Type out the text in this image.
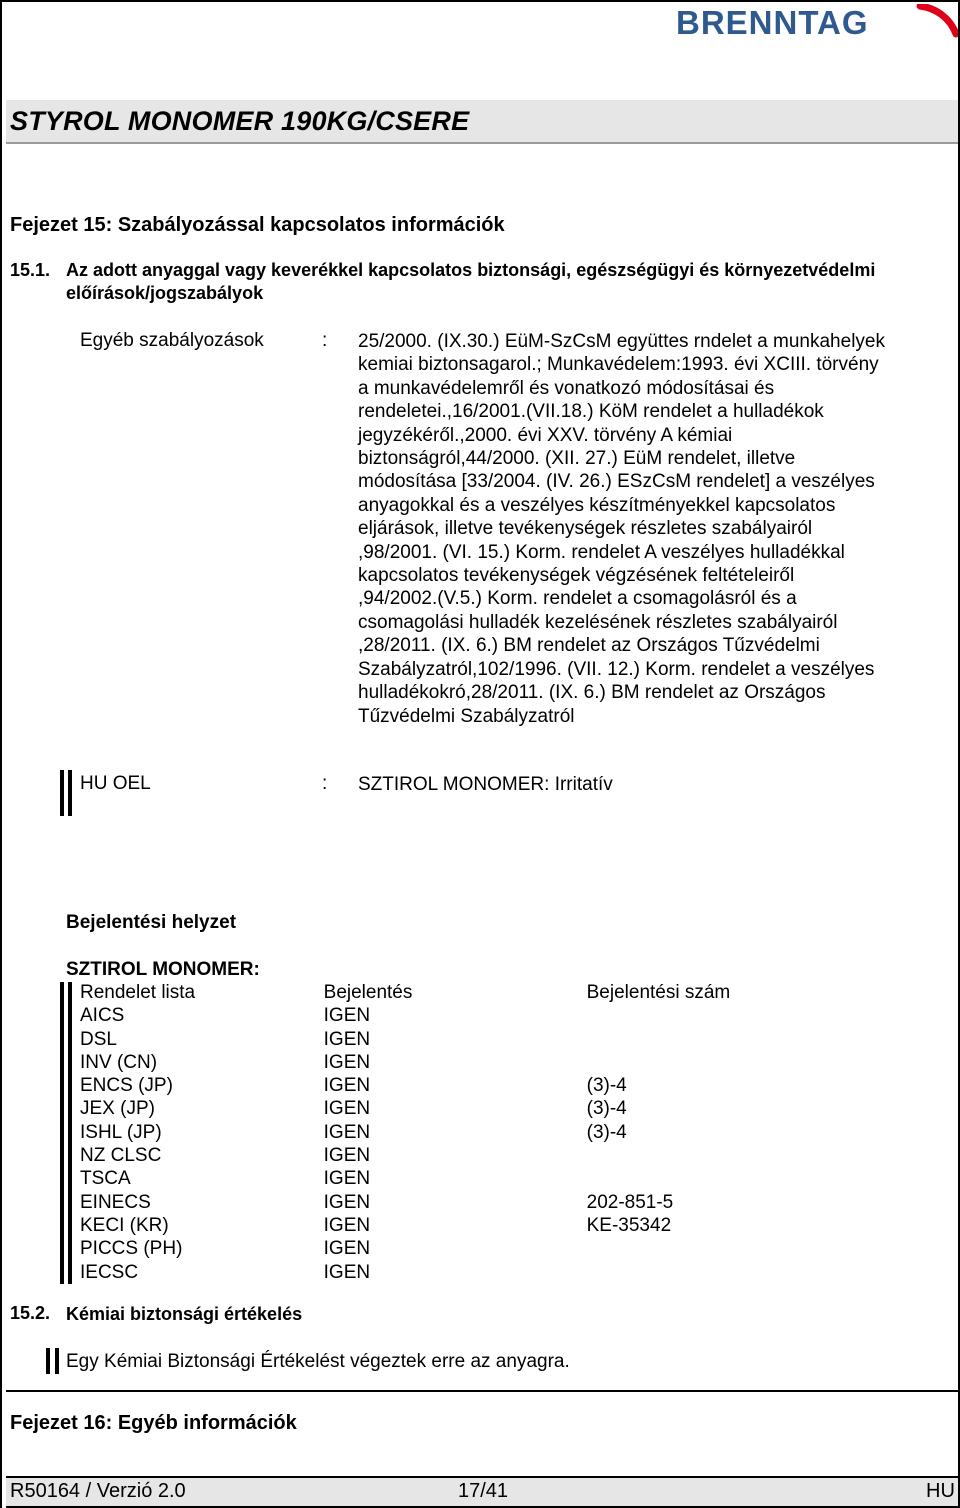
BRENNTAG
STYROL MONOMER 190KG/CSERE
Fejezet 15: Szabályozással kapcsolatos információk
15.1. Az adott anyaggal vagy keverékkel kapcsolatos biztonsági, egészségügyi és környezetvédelmi előírások/jogszabályok
Egyéb szabályozások	: 25/2000. (IX.30.) EüM-SzCsM együttes rndelet a munkahelyek
kemiai biztonsagarol.; Munkavédelem:1993. évi XCIII. törvény
a munkavédelemről és vonatkozó módosításai és
rendeletei.,16/2001.(VII.18.) KöM rendelet a hulladékok
jegyzékéről.,2000. évi XXV. törvény A kémiai
biztonságról,44/2000. (XII. 27.) EüM rendelet, illetve
módosítása [33/2004. (IV. 26.) ESzCsM rendelet] a veszélyes
anyagokkal és a veszélyes készítményekkel kapcsolatos
eljárások, illetve tevékenységek részletes szabályairól
,98/2001. (VI. 15.) Korm. rendelet A veszélyes hulladékkal
kapcsolatos tevékenységek végzésének feltételeiről
,94/2002.(V.5.) Korm. rendelet a csomagolásról és a
csomagolási hulladék kezelésének részletes szabályairól
,28/2011. (IX. 6.) BM rendelet az Országos Tűzvédelmi
Szabályzatról,102/1996. (VII. 12.) Korm. rendelet a veszélyes
hulladékokró,28/2011. (IX. 6.) BM rendelet az Országos
Tűzvédelmi Szabályzatról
HU OEL	: SZTIROL MONOMER: Irritatív
Bejelentési helyzet
SZTIROL MONOMER:
Rendelet lista	Bejelentés	Bejelentési szám
AICS	IGEN
DSL	IGEN
INV (CN)	IGEN
ENCS (JP)	IGEN	(3)-4
JEX (JP)	IGEN	(3)-4
ISHL (JP)	IGEN	(3)-4
NZ CLSC	IGEN
TSCA	IGEN
EINECS	IGEN	202-851-5
KECI (KR)	IGEN	KE-35342
PICCS (PH)	IGEN
IECSC	IGEN
15.2. Kémiai biztonsági értékelés
Egy Kémiai Biztonsági Értékelést végeztek erre az anyagra.
Fejezet 16: Egyéb információk
R50164 / Verzió 2.0	17/41	HU
